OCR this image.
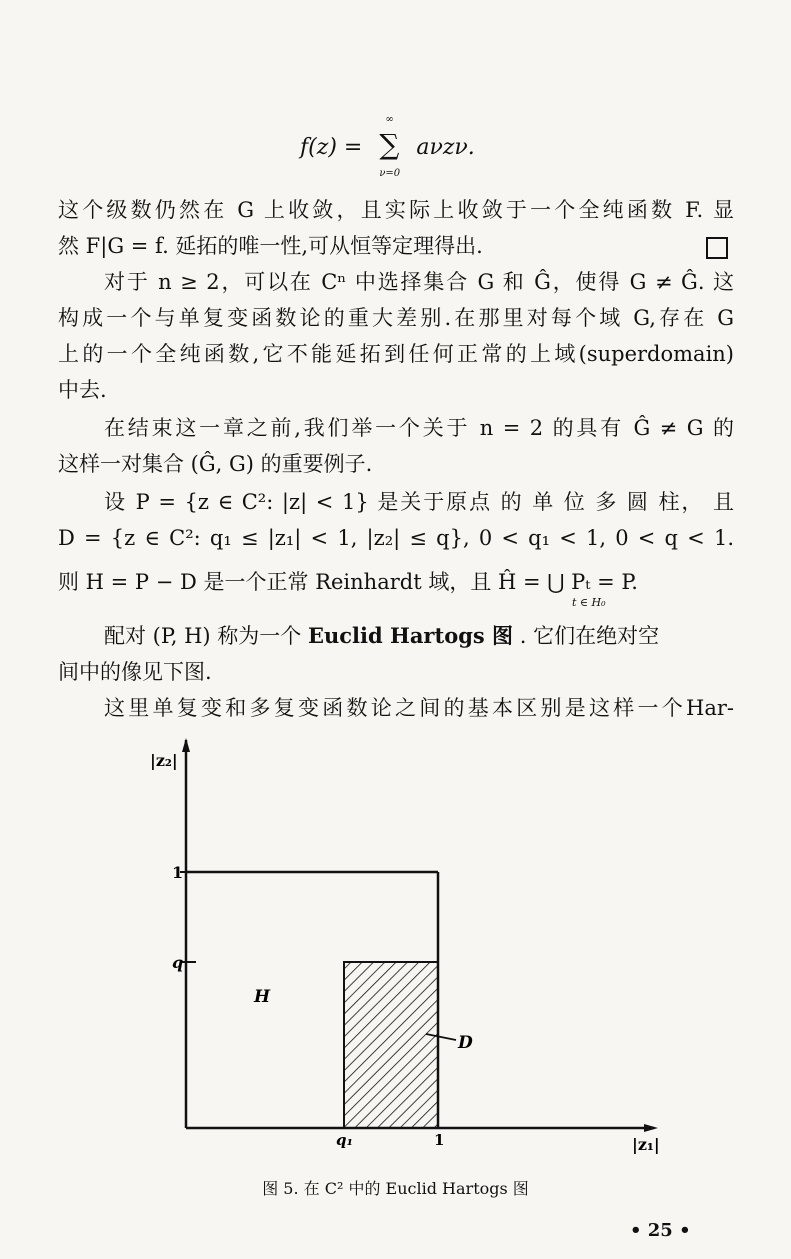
f(z) =
∞
∑
ν=0
aνzν.
这个级数仍然在 G 上收敛，且实际上收敛于一个全纯函数 F. 显
然 F|G = f. 延拓的唯一性,可从恒等定理得出.
对于 n ≥ 2，可以在 Cⁿ 中选择集合 G 和 Ĝ，使得 G ≠ Ĝ. 这
构成一个与单复变函数论的重大差别.在那里对每个域 G,存在 G
上的一个全纯函数,它不能延拓到任何正常的上域(superdomain)
中去.
在结束这一章之前,我们举一个关于 n = 2 的具有 Ĝ ≠ G 的
这样一对集合 (Ĝ, G) 的重要例子.
设 P = {z ∈ C²: |z| < 1} 是关于原点 的 单 位 多 圆 柱， 且
D = {z ∈ C²: q₁ ≤ |z₁| < 1, |z₂| ≤ q}, 0 < q₁ < 1, 0 < q < 1.
则 H = P − D 是一个正常 Reinhardt 域，且 Ĥ = ⋃ Pₜ = P.
t ∈ H₀
配对 (P, H) 称为一个 Euclid Hartogs 图 . 它们在绝对空
间中的像见下图.
这里单复变和多复变函数论之间的基本区别是这样一个Har-
|z₂|
|z₁|
1
q
q₁	1
H
D
图 5. 在 C² 中的 Euclid Hartogs 图
• 25 •
